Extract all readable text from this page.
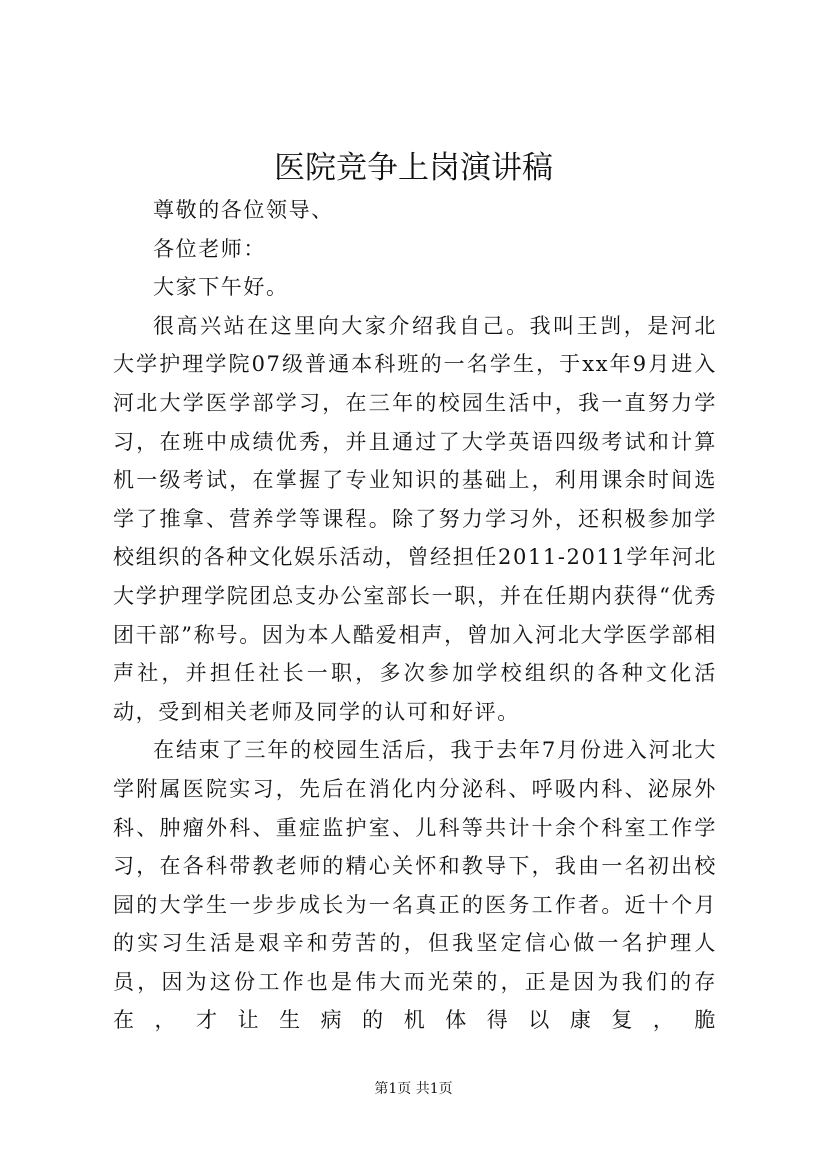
医院竞争上岗演讲稿

尊敬的各位领导、

各位老师：

大家下午好。

很高兴站在这里向大家介绍我自己。我叫王剀，是河北大学护理学院07级普通本科班的一名学生，于xx年9月进入河北大学医学部学习，在三年的校园生活中，我一直努力学习，在班中成绩优秀，并且通过了大学英语四级考试和计算机一级考试，在掌握了专业知识的基础上，利用课余时间选学了推拿、营养学等课程。除了努力学习外，还积极参加学校组织的各种文化娱乐活动，曾经担任2011-2011学年河北大学护理学院团总支办公室部长一职，并在任期内获得“优秀团干部”称号。因为本人酷爱相声，曾加入河北大学医学部相声社，并担任社长一职，多次参加学校组织的各种文化活动，受到相关老师及同学的认可和好评。

在结束了三年的校园生活后，我于去年7月份进入河北大学附属医院实习，先后在消化内分泌科、呼吸内科、泌尿外科、肿瘤外科、重症监护室、儿科等共计十余个科室工作学习，在各科带教老师的精心关怀和教导下，我由一名初出校园的大学生一步步成长为一名真正的医务工作者。近十个月的实习生活是艰辛和劳苦的，但我坚定信心做一名护理人员，因为这份工作也是伟大而光荣的，正是因为我们的存在，才让生病的机体得以康复，脆

第1页 共1页
